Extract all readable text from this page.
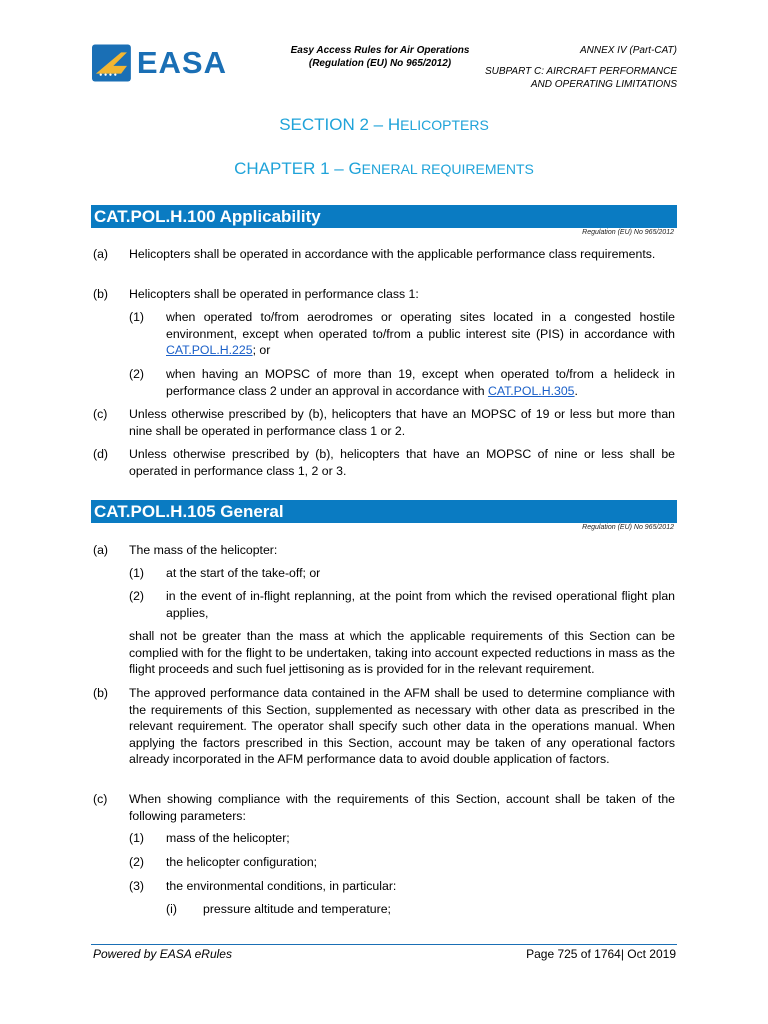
EASA	Easy Access Rules for Air Operations
(Regulation (EU) No 965/2012)
ANNEX IV (Part-CAT)
SUBPART C: AIRCRAFT PERFORMANCE
AND OPERATING LIMITATIONS
SECTION 2 – HELICOPTERS
CHAPTER 1 – GENERAL REQUIREMENTS
CAT.POL.H.100 Applicability
Regulation (EU) No 965/2012
(a) Helicopters shall be operated in accordance with the applicable performance class requirements.
(b) Helicopters shall be operated in performance class 1:
(1) when operated to/from aerodromes or operating sites located in a congested hostile environment, except when operated to/from a public interest site (PIS) in accordance with CAT.POL.H.225; or
(2) when having an MOPSC of more than 19, except when operated to/from a helideck in performance class 2 under an approval in accordance with CAT.POL.H.305.
(c) Unless otherwise prescribed by (b), helicopters that have an MOPSC of 19 or less but more than nine shall be operated in performance class 1 or 2.
(d) Unless otherwise prescribed by (b), helicopters that have an MOPSC of nine or less shall be operated in performance class 1, 2 or 3.
CAT.POL.H.105 General
Regulation (EU) No 965/2012
(a) The mass of the helicopter:
(1) at the start of the take-off; or
(2) in the event of in-flight replanning, at the point from which the revised operational flight plan applies,
shall not be greater than the mass at which the applicable requirements of this Section can be complied with for the flight to be undertaken, taking into account expected reductions in mass as the flight proceeds and such fuel jettisoning as is provided for in the relevant requirement.
(b) The approved performance data contained in the AFM shall be used to determine compliance with the requirements of this Section, supplemented as necessary with other data as prescribed in the relevant requirement. The operator shall specify such other data in the operations manual. When applying the factors prescribed in this Section, account may be taken of any operational factors already incorporated in the AFM performance data to avoid double application of factors.
(c) When showing compliance with the requirements of this Section, account shall be taken of the following parameters:
(1) mass of the helicopter;
(2) the helicopter configuration;
(3) the environmental conditions, in particular:
(i) pressure altitude and temperature;
Powered by EASA eRules	Page 725 of 1764| Oct 2019
